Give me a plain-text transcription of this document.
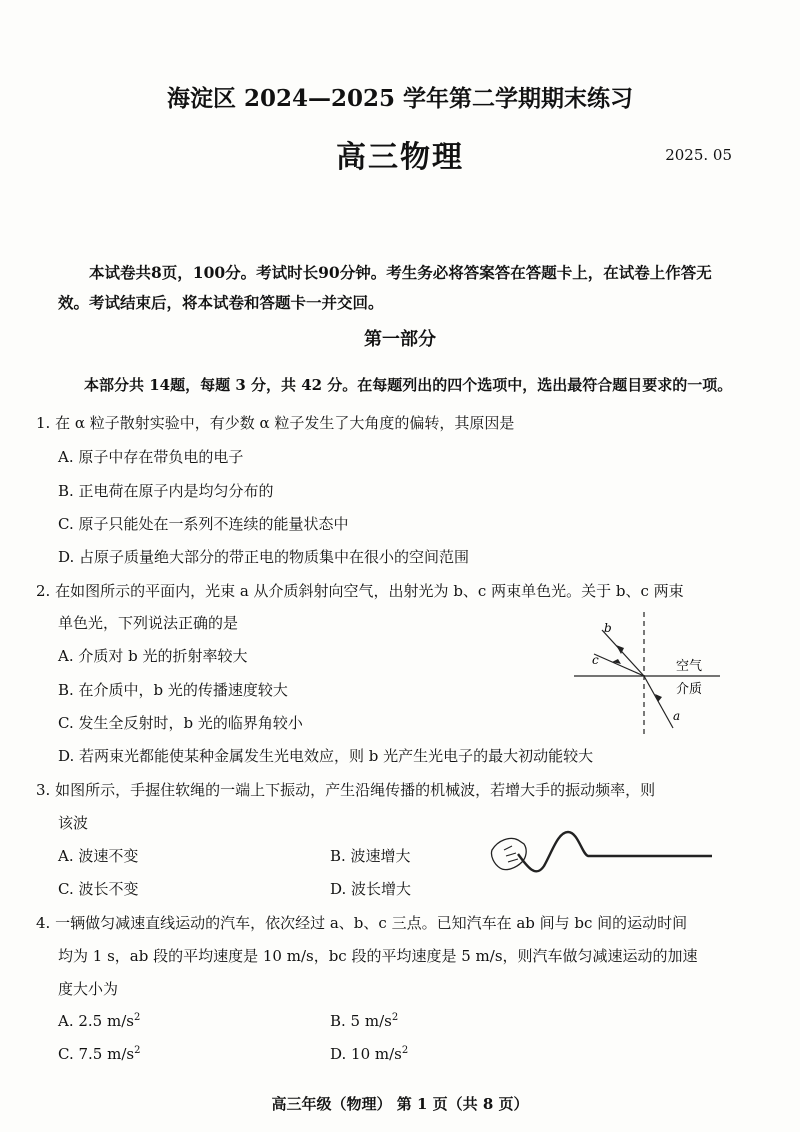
海淀区 2024—2025 学年第二学期期末练习
高三物理	2025. 05
本试卷共8页，100分。考试时长90分钟。考生务必将答案答在答题卡上，在试卷上作答无效。考试结束后，将本试卷和答题卡一并交回。
第一部分
本部分共 14题，每题 3 分，共 42 分。在每题列出的四个选项中，选出最符合题目要求的一项。
1. 在 α 粒子散射实验中，有少数 α 粒子发生了大角度的偏转，其原因是
A. 原子中存在带负电的电子
B. 正电荷在原子内是均匀分布的
C. 原子只能处在一系列不连续的能量状态中
D. 占原子质量绝大部分的带正电的物质集中在很小的空间范围
2. 在如图所示的平面内，光束 a 从介质斜射向空气，出射光为 b、c 两束单色光。关于 b、c 两束
单色光，下列说法正确的是
A. 介质对 b 光的折射率较大
B. 在介质中，b 光的传播速度较大
C. 发生全反射时，b 光的临界角较小
D. 若两束光都能使某种金属发生光电效应，则 b 光产生光电子的最大初动能较大
b
c
a
空气
介质
3. 如图所示，手握住软绳的一端上下振动，产生沿绳传播的机械波，若增大手的振动频率，则
该波
A. 波速不变	B. 波速增大
C. 波长不变	D. 波长增大
4. 一辆做匀减速直线运动的汽车，依次经过 a、b、c 三点。已知汽车在 ab 间与 bc 间的运动时间
均为 1 s，ab 段的平均速度是 10 m/s，bc 段的平均速度是 5 m/s，则汽车做匀减速运动的加速
度大小为
A. 2.5 $m/s^2$	B. 5 $m/s^2$
C. 7.5 $m/s^2$	D. 10 $m/s^2$
高三年级（物理） 第 1 页（共 8 页）
